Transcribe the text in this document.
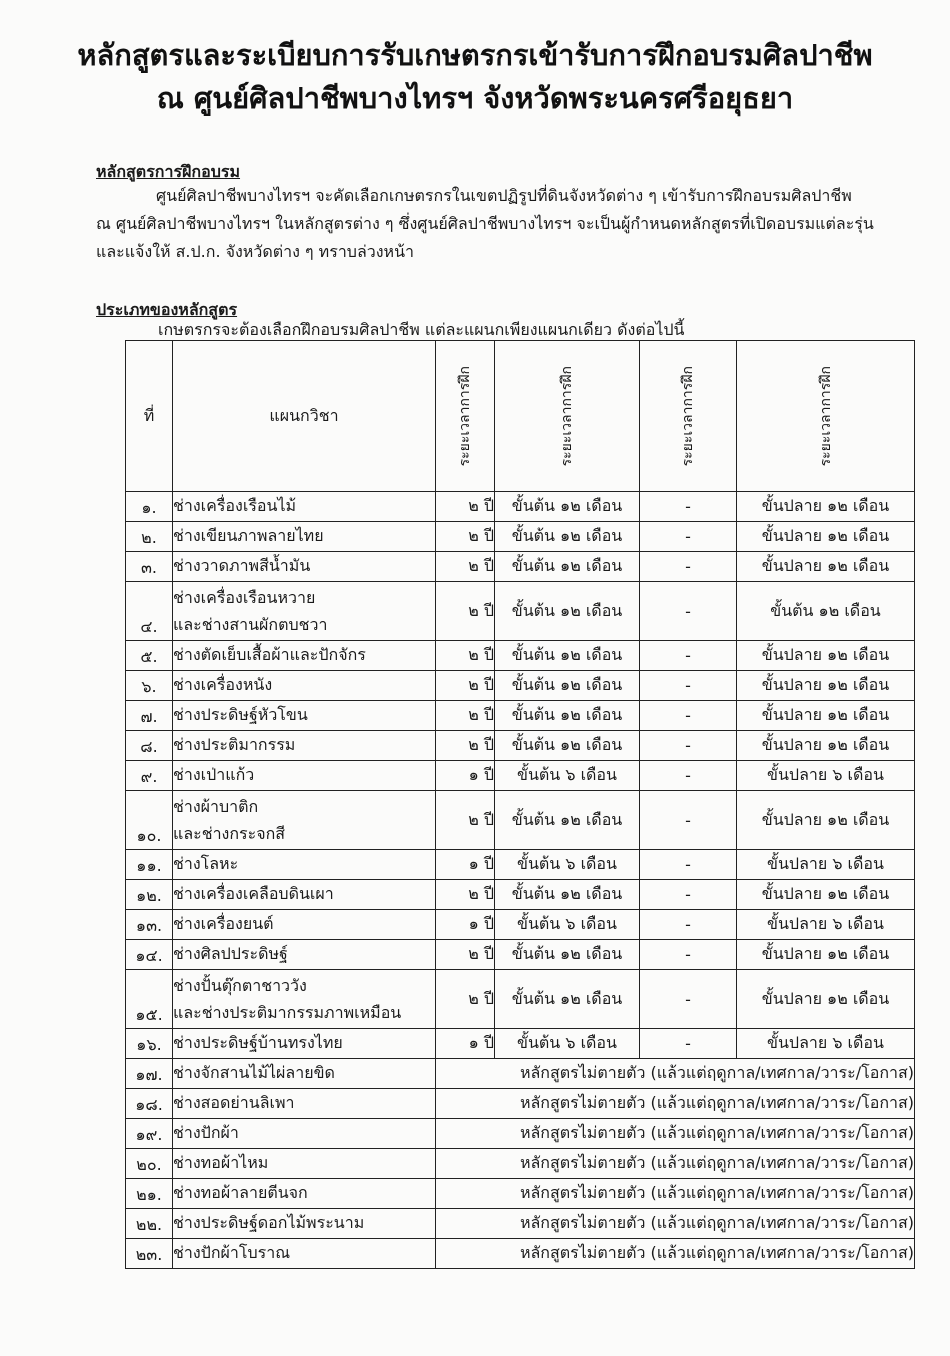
หลักสูตรและระเบียบการรับเกษตรกรเข้ารับการฝึกอบรมศิลปาชีพ
ณ ศูนย์ศิลปาชีพบางไทรฯ จังหวัดพระนครศรีอยุธยา
หลักสูตรการฝึกอบรม
ศูนย์ศิลปาชีพบางไทรฯ จะคัดเลือกเกษตรกรในเขตปฏิรูปที่ดินจังหวัดต่าง ๆ เข้ารับการฝึกอบรมศิลปาชีพ
ณ ศูนย์ศิลปาชีพบางไทรฯ ในหลักสูตรต่าง ๆ ซึ่งศูนย์ศิลปาชีพบางไทรฯ จะเป็นผู้กำหนดหลักสูตรที่เปิดอบรมแต่ละรุ่น
และแจ้งให้ ส.ป.ก. จังหวัดต่าง ๆ ทราบล่วงหน้า
ประเภทของหลักสูตร
เกษตรกรจะต้องเลือกฝึกอบรมศิลปาชีพ แต่ละแผนกเพียงแผนกเดียว ดังต่อไปนี้
ที่	แผนกวิชา	ระยะเวลาการฝึก	ระยะเวลาการฝึก	ระยะเวลาการฝึก	ระยะเวลาการฝึก

๑.	ช่างเครื่องเรือนไม้	๒ ปี	ขั้นต้น ๑๒ เดือน	-	ขั้นปลาย ๑๒ เดือน
๒.	ช่างเขียนภาพลายไทย	๒ ปี	ขั้นต้น ๑๒ เดือน	-	ขั้นปลาย ๑๒ เดือน
๓.	ช่างวาดภาพสีน้ำมัน	๒ ปี	ขั้นต้น ๑๒ เดือน	-	ขั้นปลาย ๑๒ เดือน
๔.	ช่างเครื่องเรือนหวาย
และช่างสานผักตบชวา	๒ ปี	ขั้นต้น ๑๒ เดือน	-	ขั้นต้น ๑๒ เดือน
๕.	ช่างตัดเย็บเสื้อผ้าและปักจักร	๒ ปี	ขั้นต้น ๑๒ เดือน	-	ขั้นปลาย ๑๒ เดือน
๖.	ช่างเครื่องหนัง	๒ ปี	ขั้นต้น ๑๒ เดือน	-	ขั้นปลาย ๑๒ เดือน
๗.	ช่างประดิษฐ์หัวโขน	๒ ปี	ขั้นต้น ๑๒ เดือน	-	ขั้นปลาย ๑๒ เดือน
๘.	ช่างประติมากรรม	๒ ปี	ขั้นต้น ๑๒ เดือน	-	ขั้นปลาย ๑๒ เดือน
๙.	ช่างเป่าแก้ว	๑ ปี	ขั้นต้น ๖ เดือน	-	ขั้นปลาย ๖ เดือน
๑๐.	ช่างผ้าบาติก
และช่างกระจกสี	๒ ปี	ขั้นต้น ๑๒ เดือน	-	ขั้นปลาย ๑๒ เดือน
๑๑.	ช่างโลหะ	๑ ปี	ขั้นต้น ๖ เดือน	-	ขั้นปลาย ๖ เดือน
๑๒.	ช่างเครื่องเคลือบดินเผา	๒ ปี	ขั้นต้น ๑๒ เดือน	-	ขั้นปลาย ๑๒ เดือน
๑๓.	ช่างเครื่องยนต์	๑ ปี	ขั้นต้น ๖ เดือน	-	ขั้นปลาย ๖ เดือน
๑๔.	ช่างศิลปประดิษฐ์	๒ ปี	ขั้นต้น ๑๒ เดือน	-	ขั้นปลาย ๑๒ เดือน
๑๕.	ช่างปั้นตุ๊กตาชาววัง
และช่างประติมากรรมภาพเหมือน	๒ ปี	ขั้นต้น ๑๒ เดือน	-	ขั้นปลาย ๑๒ เดือน
๑๖.	ช่างประดิษฐ์บ้านทรงไทย	๑ ปี	ขั้นต้น ๖ เดือน	-	ขั้นปลาย ๖ เดือน
๑๗.	ช่างจักสานไม้ไผ่ลายขิด	หลักสูตรไม่ตายตัว (แล้วแต่ฤดูกาล/เทศกาล/วาระ/โอกาส)			
๑๘.	ช่างสอดย่านลิเพา	หลักสูตรไม่ตายตัว (แล้วแต่ฤดูกาล/เทศกาล/วาระ/โอกาส)			
๑๙.	ช่างปักผ้า	หลักสูตรไม่ตายตัว (แล้วแต่ฤดูกาล/เทศกาล/วาระ/โอกาส)			
๒๐.	ช่างทอผ้าไหม	หลักสูตรไม่ตายตัว (แล้วแต่ฤดูกาล/เทศกาล/วาระ/โอกาส)			
๒๑.	ช่างทอผ้าลายตีนจก	หลักสูตรไม่ตายตัว (แล้วแต่ฤดูกาล/เทศกาล/วาระ/โอกาส)			
๒๒.	ช่างประดิษฐ์ดอกไม้พระนาม	หลักสูตรไม่ตายตัว (แล้วแต่ฤดูกาล/เทศกาล/วาระ/โอกาส)			
๒๓.	ช่างปักผ้าโบราณ	หลักสูตรไม่ตายตัว (แล้วแต่ฤดูกาล/เทศกาล/วาระ/โอกาส)			
